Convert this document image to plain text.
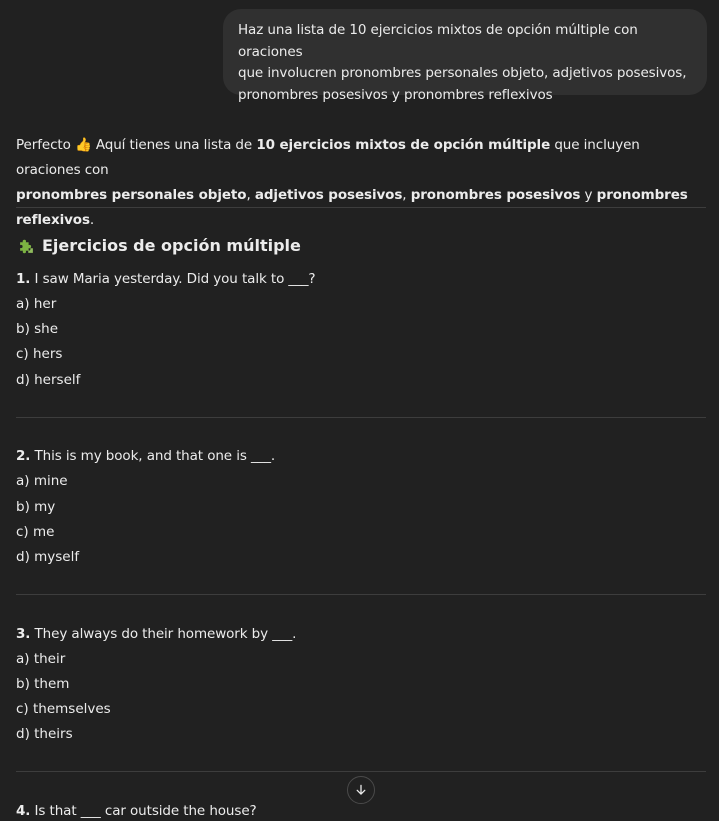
Haz una lista de 10 ejercicios mixtos de opción múltiple con oraciones
que involucren pronombres personales objeto, adjetivos posesivos,
pronombres posesivos y pronombres reflexivos
Perfecto 👍 Aquí tienes una lista de 10 ejercicios mixtos de opción múltiple que incluyen oraciones con
pronombres personales objeto, adjetivos posesivos, pronombres posesivos y pronombres reflexivos.
Ejercicios de opción múltiple
1. I saw Maria yesterday. Did you talk to ___?
a) her
b) she
c) hers
d) herself
2. This is my book, and that one is ___.
a) mine
b) my
c) me
d) myself
3. They always do their homework by ___.
a) their
b) them
c) themselves
d) theirs
4. Is that ___ car outside the house?
